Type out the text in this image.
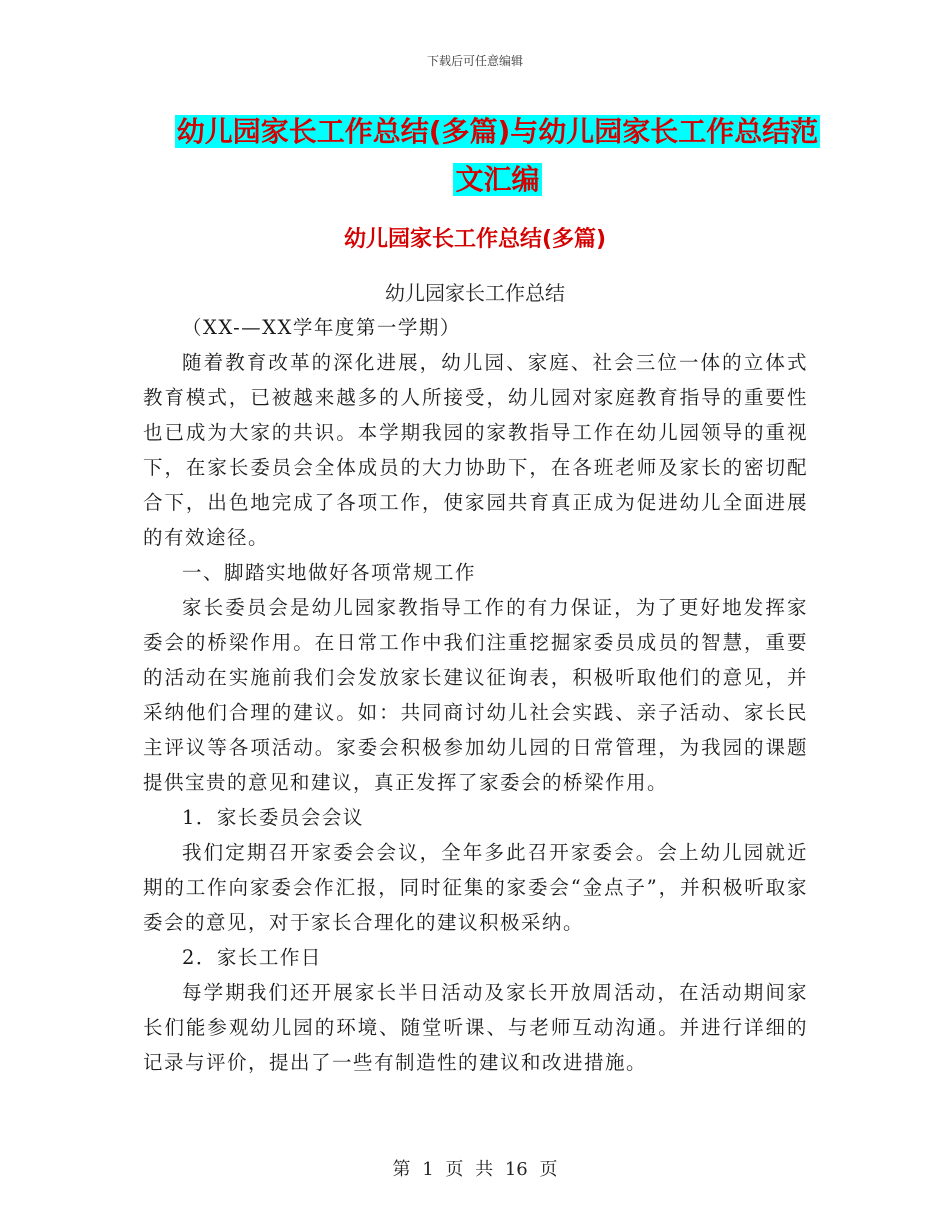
下载后可任意编辑
幼儿园家长工作总结(多篇)与幼儿园家长工作总结范
文汇编
幼儿园家长工作总结(多篇)
幼儿园家长工作总结

（XX-—XX学年度第一学期）

随着教育改革的深化进展，幼儿园、家庭、社会三位一体的立体式教育模式，已被越来越多的人所接受，幼儿园对家庭教育指导的重要性也已成为大家的共识。本学期我园的家教指导工作在幼儿园领导的重视下，在家长委员会全体成员的大力协助下，在各班老师及家长的密切配合下，出色地完成了各项工作，使家园共育真正成为促进幼儿全面进展的有效途径。

一、脚踏实地做好各项常规工作

家长委员会是幼儿园家教指导工作的有力保证，为了更好地发挥家委会的桥梁作用。在日常工作中我们注重挖掘家委员成员的智慧，重要的活动在实施前我们会发放家长建议征询表，积极听取他们的意见，并采纳他们合理的建议。如：共同商讨幼儿社会实践、亲子活动、家长民主评议等各项活动。家委会积极参加幼儿园的日常管理，为我园的课题提供宝贵的意见和建议，真正发挥了家委会的桥梁作用。

1．家长委员会会议

我们定期召开家委会会议，全年多此召开家委会。会上幼儿园就近期的工作向家委会作汇报，同时征集的家委会“金点子”，并积极听取家委会的意见，对于家长合理化的建议积极采纳。

2．家长工作日

每学期我们还开展家长半日活动及家长开放周活动，在活动期间家长们能参观幼儿园的环境、随堂听课、与老师互动沟通。并进行详细的记录与评价，提出了一些有制造性的建议和改进措施。

第 1 页 共 16 页
